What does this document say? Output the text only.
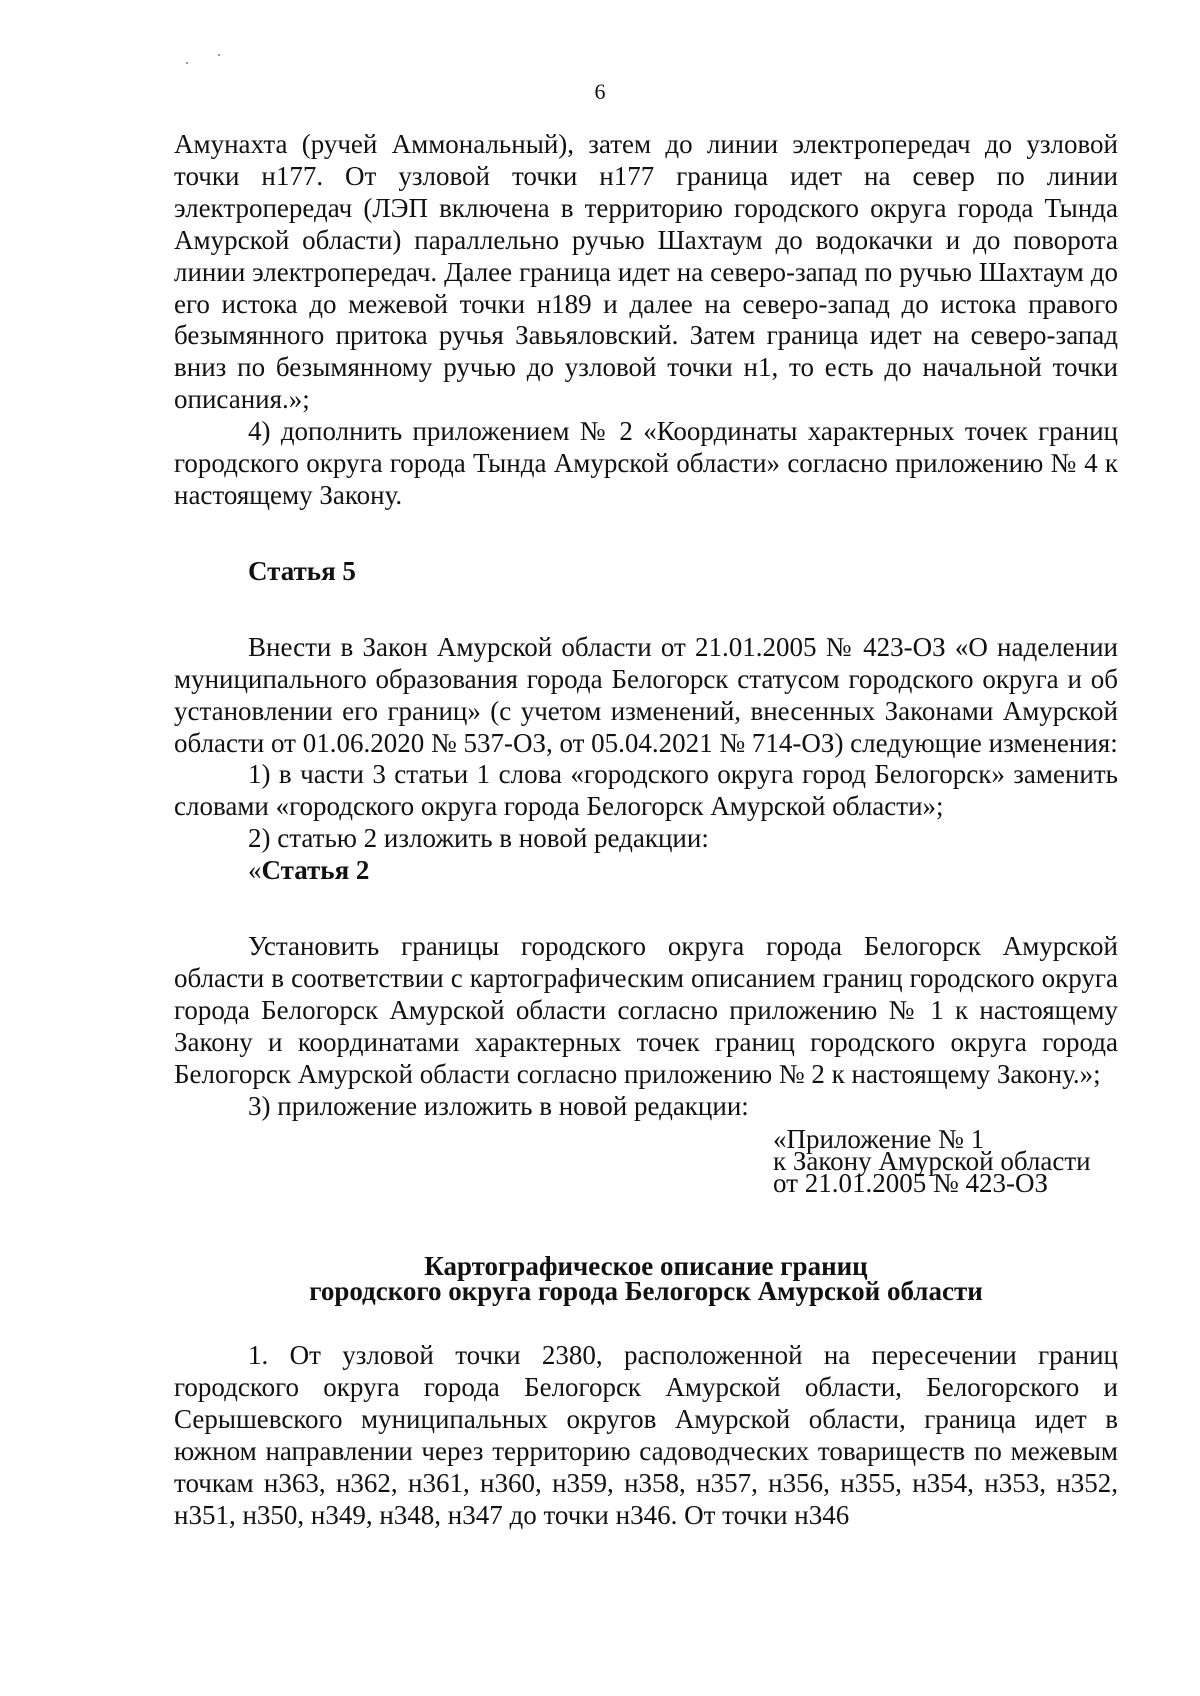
6

Амунахта (ручей Аммональный), затем до линии электропередач до узловой точки н177. От узловой точки н177 граница идет на север по линии электропередач (ЛЭП включена в территорию городского округа города Тында Амурской области) параллельно ручью Шахтаум до водокачки и до поворота линии электропередач. Далее граница идет на северо-запад по ручью Шахтаум до его истока до межевой точки н189 и далее на северо-запад до истока правого безымянного притока ручья Завьяловский. Затем граница идет на северо-запад вниз по безымянному ручью до узловой точки н1, то есть до начальной точки описания.»;

4) дополнить приложением № 2 «Координаты характерных точек границ городского округа города Тында Амурской области» согласно приложению № 4 к настоящему Закону.

Статья 5

Внести в Закон Амурской области от 21.01.2005 № 423-ОЗ «О наделении муниципального образования города Белогорск статусом городского округа и об установлении его границ» (с учетом изменений, внесенных Законами Амурской области от 01.06.2020 № 537-ОЗ, от 05.04.2021 № 714-ОЗ) следующие изменения:

1) в части 3 статьи 1 слова «городского округа город Белогорск» заменить словами «городского округа города Белогорск Амурской области»;

2) статью 2 изложить в новой редакции:

«Статья 2

Установить границы городского округа города Белогорск Амурской области в соответствии с картографическим описанием границ городского округа города Белогорск Амурской области согласно приложению № 1 к настоящему Закону и координатами характерных точек границ городского округа города Белогорск Амурской области согласно приложению № 2 к настоящему Закону.»;

3) приложение изложить в новой редакции:

«Приложение № 1

к Закону Амурской области

от 21.01.2005 № 423-ОЗ

Картографическое описание границ

городского округа города Белогорск Амурской области

1. От узловой точки 2380, расположенной на пересечении границ городского округа города Белогорск Амурской области, Белогорского и Серышевского муниципальных округов Амурской области, граница идет в южном направлении через территорию садоводческих товариществ по межевым точкам н363, н362, н361, н360, н359, н358, н357, н356, н355, н354, н353, н352, н351, н350, н349, н348, н347 до точки н346. От точки н346
